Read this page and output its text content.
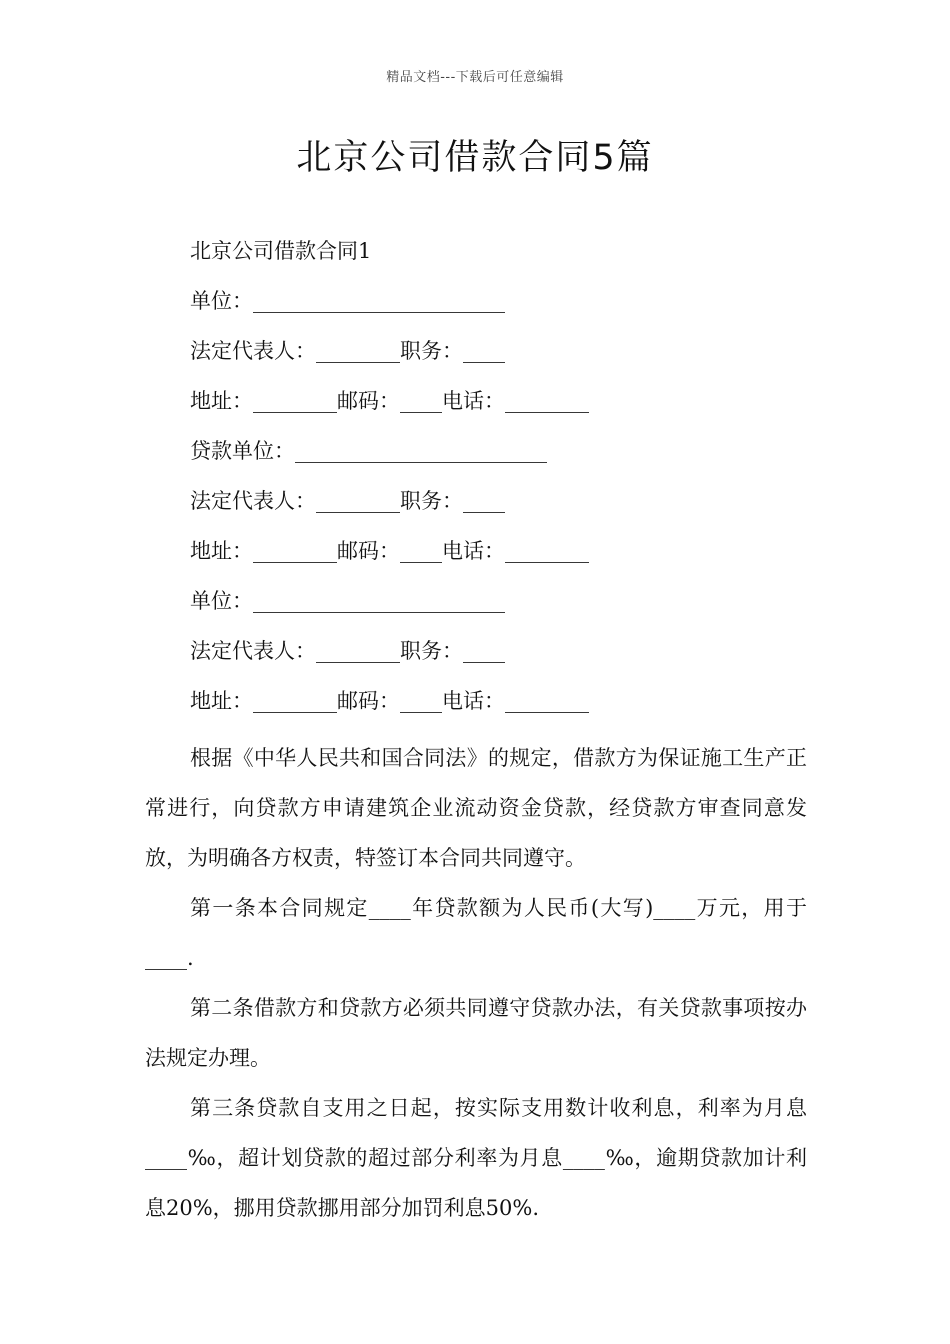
精品文档---下载后可任意编辑
北京公司借款合同5篇
北京公司借款合同1
单位：________________________
法定代表人：________职务：____
地址：________邮码：____电话：________
贷款单位：________________________
法定代表人：________职务：____
地址：________邮码：____电话：________
单位：________________________
法定代表人：________职务：____
地址：________邮码：____电话：________

根据《中华人民共和国合同法》的规定，借款方为保证施工生产正常进行，向贷款方申请建筑企业流动资金贷款，经贷款方审查同意发放，为明确各方权责，特签订本合同共同遵守。

第一条本合同规定____年贷款额为人民币(大写)____万元，用于____.

第二条借款方和贷款方必须共同遵守贷款办法，有关贷款事项按办法规定办理。

第三条贷款自支用之日起，按实际支用数计收利息，利率为月息____‰，超计划贷款的超过部分利率为月息____‰，逾期贷款加计利息20%，挪用贷款挪用部分加罚利息50%.
